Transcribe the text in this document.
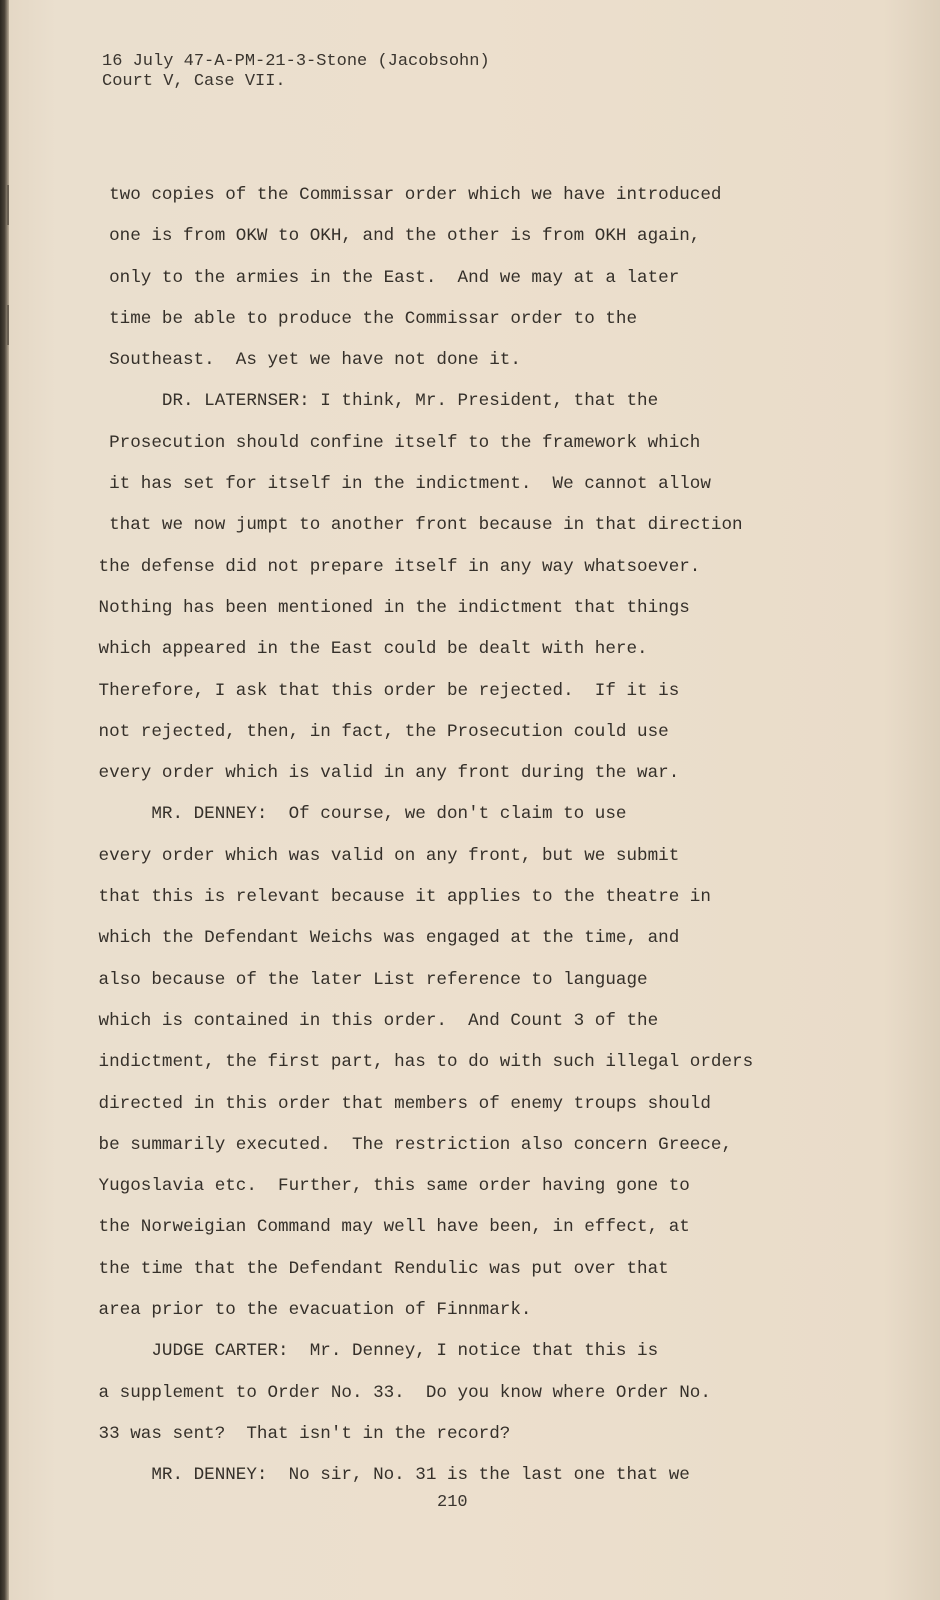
16 July 47-A-PM-21-3-Stone (Jacobsohn)
Court V, Case VII.
two copies of the Commissar order which we have introduced
one is from OKW to OKH, and the other is from OKH again,
only to the armies in the East.  And we may at a later
time be able to produce the Commissar order to the
Southeast.  As yet we have not done it.
DR. LATERNSER: I think, Mr. President, that the
Prosecution should confine itself to the framework which
it has set for itself in the indictment.  We cannot allow
that we now jumpt to another front because in that direction
the defense did not prepare itself in any way whatsoever.
Nothing has been mentioned in the indictment that things
which appeared in the East could be dealt with here.
Therefore, I ask that this order be rejected.  If it is
not rejected, then, in fact, the Prosecution could use
every order which is valid in any front during the war.
MR. DENNEY:  Of course, we don't claim to use
every order which was valid on any front, but we submit
that this is relevant because it applies to the theatre in
which the Defendant Weichs was engaged at the time, and
also because of the later List reference to language
which is contained in this order.  And Count 3 of the
indictment, the first part, has to do with such illegal orders
directed in this order that members of enemy troups should
be summarily executed.  The restriction also concern Greece,
Yugoslavia etc.  Further, this same order having gone to
the Norweigian Command may well have been, in effect, at
the time that the Defendant Rendulic was put over that
area prior to the evacuation of Finnmark.
JUDGE CARTER:  Mr. Denney, I notice that this is
a supplement to Order No. 33.  Do you know where Order No.
33 was sent?  That isn't in the record?
MR. DENNEY:  No sir, No. 31 is the last one that we
210
